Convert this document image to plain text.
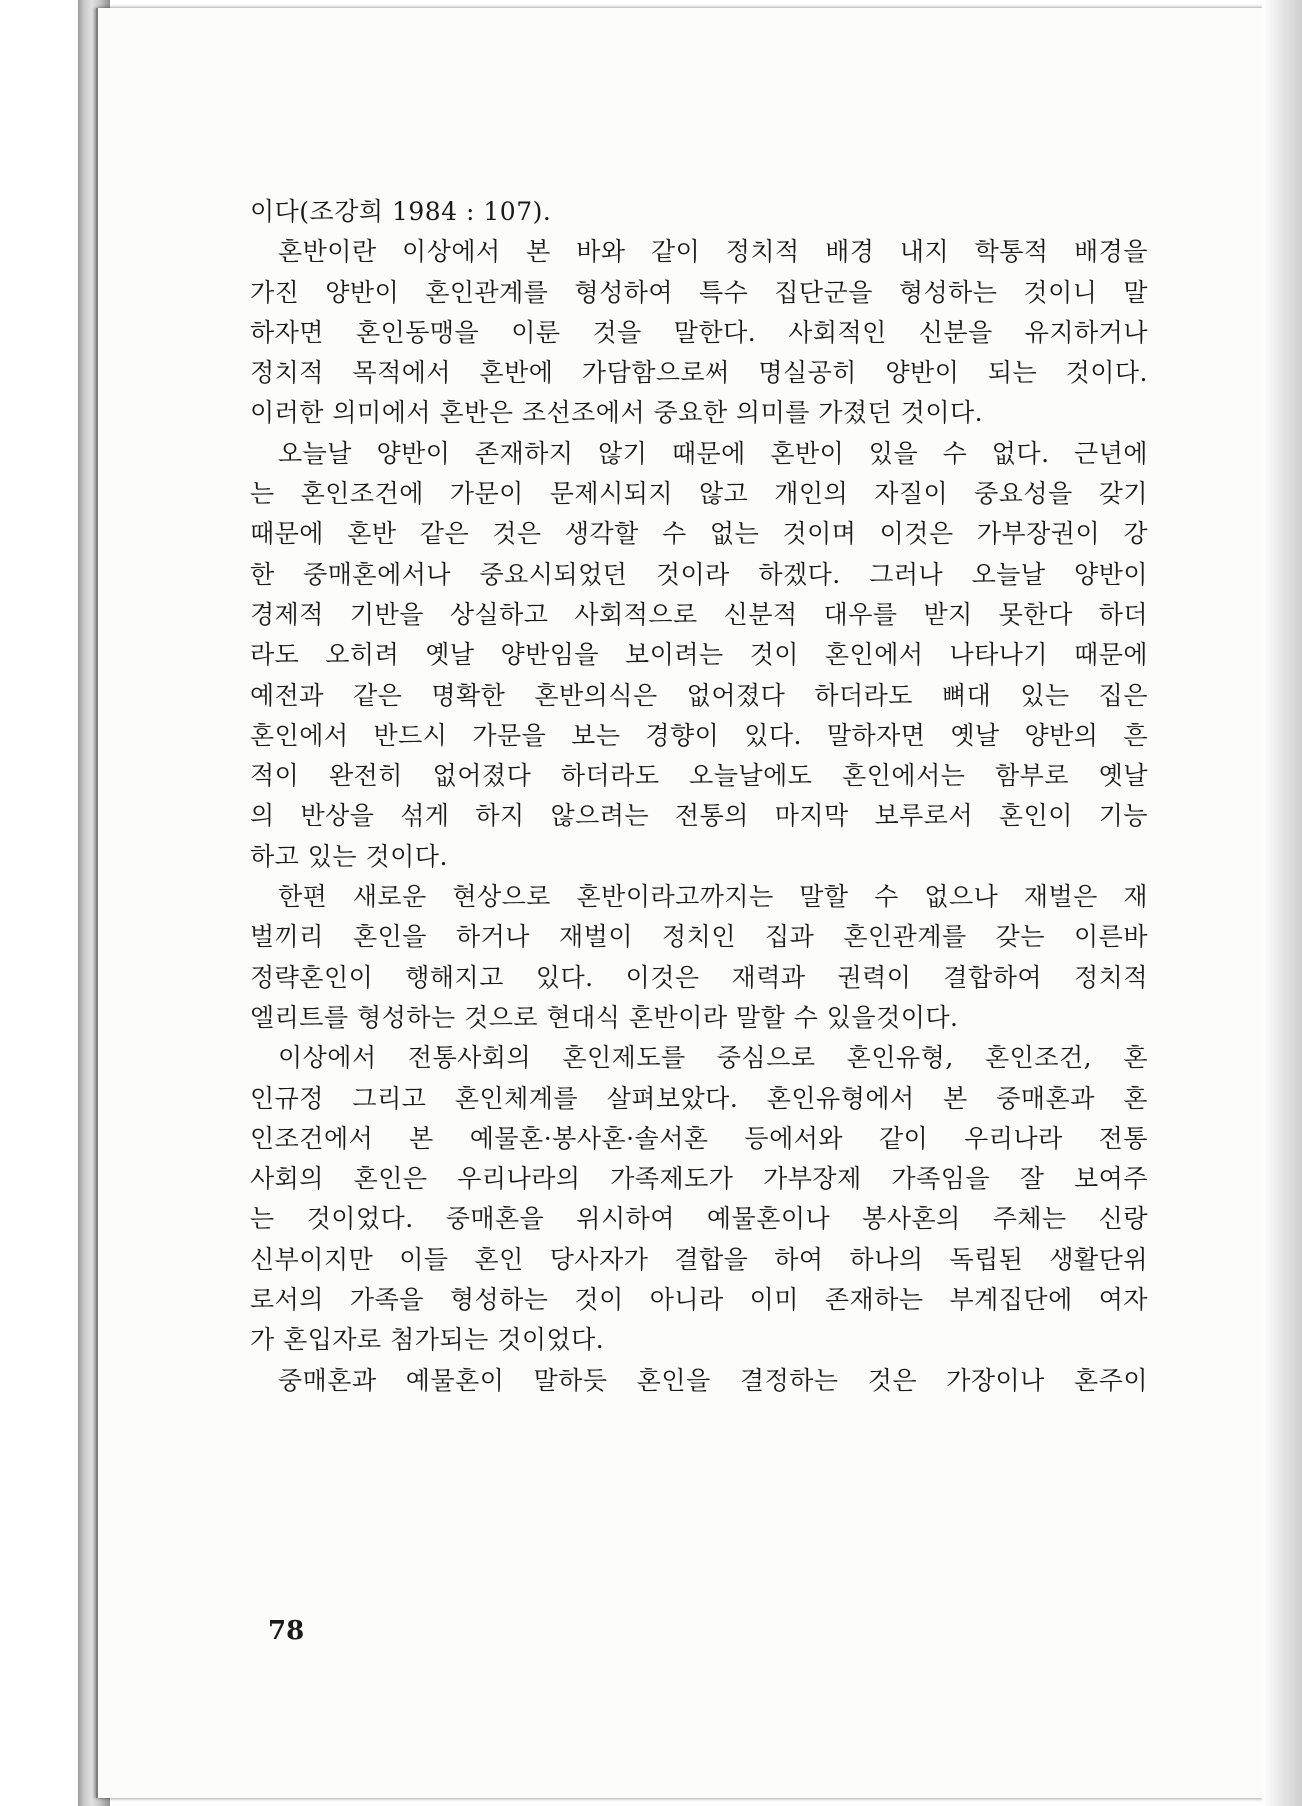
이다(조강희 1984 : 107).
혼반이란 이상에서 본 바와 같이 정치적 배경 내지 학통적 배경을
가진 양반이 혼인관계를 형성하여 특수 집단군을 형성하는 것이니 말
하자면 혼인동맹을 이룬 것을 말한다. 사회적인 신분을 유지하거나
정치적 목적에서 혼반에 가담함으로써 명실공히 양반이 되는 것이다.
이러한 의미에서 혼반은 조선조에서 중요한 의미를 가졌던 것이다.
오늘날 양반이 존재하지 않기 때문에 혼반이 있을 수 없다. 근년에
는 혼인조건에 가문이 문제시되지 않고 개인의 자질이 중요성을 갖기
때문에 혼반 같은 것은 생각할 수 없는 것이며 이것은 가부장권이 강
한 중매혼에서나 중요시되었던 것이라 하겠다. 그러나 오늘날 양반이
경제적 기반을 상실하고 사회적으로 신분적 대우를 받지 못한다 하더
라도 오히려 옛날 양반임을 보이려는 것이 혼인에서 나타나기 때문에
예전과 같은 명확한 혼반의식은 없어졌다 하더라도 뼈대 있는 집은
혼인에서 반드시 가문을 보는 경향이 있다. 말하자면 옛날 양반의 흔
적이 완전히 없어졌다 하더라도 오늘날에도 혼인에서는 함부로 옛날
의 반상을 섞게 하지 않으려는 전통의 마지막 보루로서 혼인이 기능
하고 있는 것이다.
한편 새로운 현상으로 혼반이라고까지는 말할 수 없으나 재벌은 재
벌끼리 혼인을 하거나 재벌이 정치인 집과 혼인관계를 갖는 이른바
정략혼인이 행해지고 있다. 이것은 재력과 권력이 결합하여 정치적
엘리트를 형성하는 것으로 현대식 혼반이라 말할 수 있을것이다.
이상에서 전통사회의 혼인제도를 중심으로 혼인유형, 혼인조건, 혼
인규정 그리고 혼인체계를 살펴보았다. 혼인유형에서 본 중매혼과 혼
인조건에서 본 예물혼·봉사혼·솔서혼 등에서와 같이 우리나라 전통
사회의 혼인은 우리나라의 가족제도가 가부장제 가족임을 잘 보여주
는 것이었다. 중매혼을 위시하여 예물혼이나 봉사혼의 주체는 신랑
신부이지만 이들 혼인 당사자가 결합을 하여 하나의 독립된 생활단위
로서의 가족을 형성하는 것이 아니라 이미 존재하는 부계집단에 여자
가 혼입자로 첨가되는 것이었다.
중매혼과 예물혼이 말하듯 혼인을 결정하는 것은 가장이나 혼주이
78
